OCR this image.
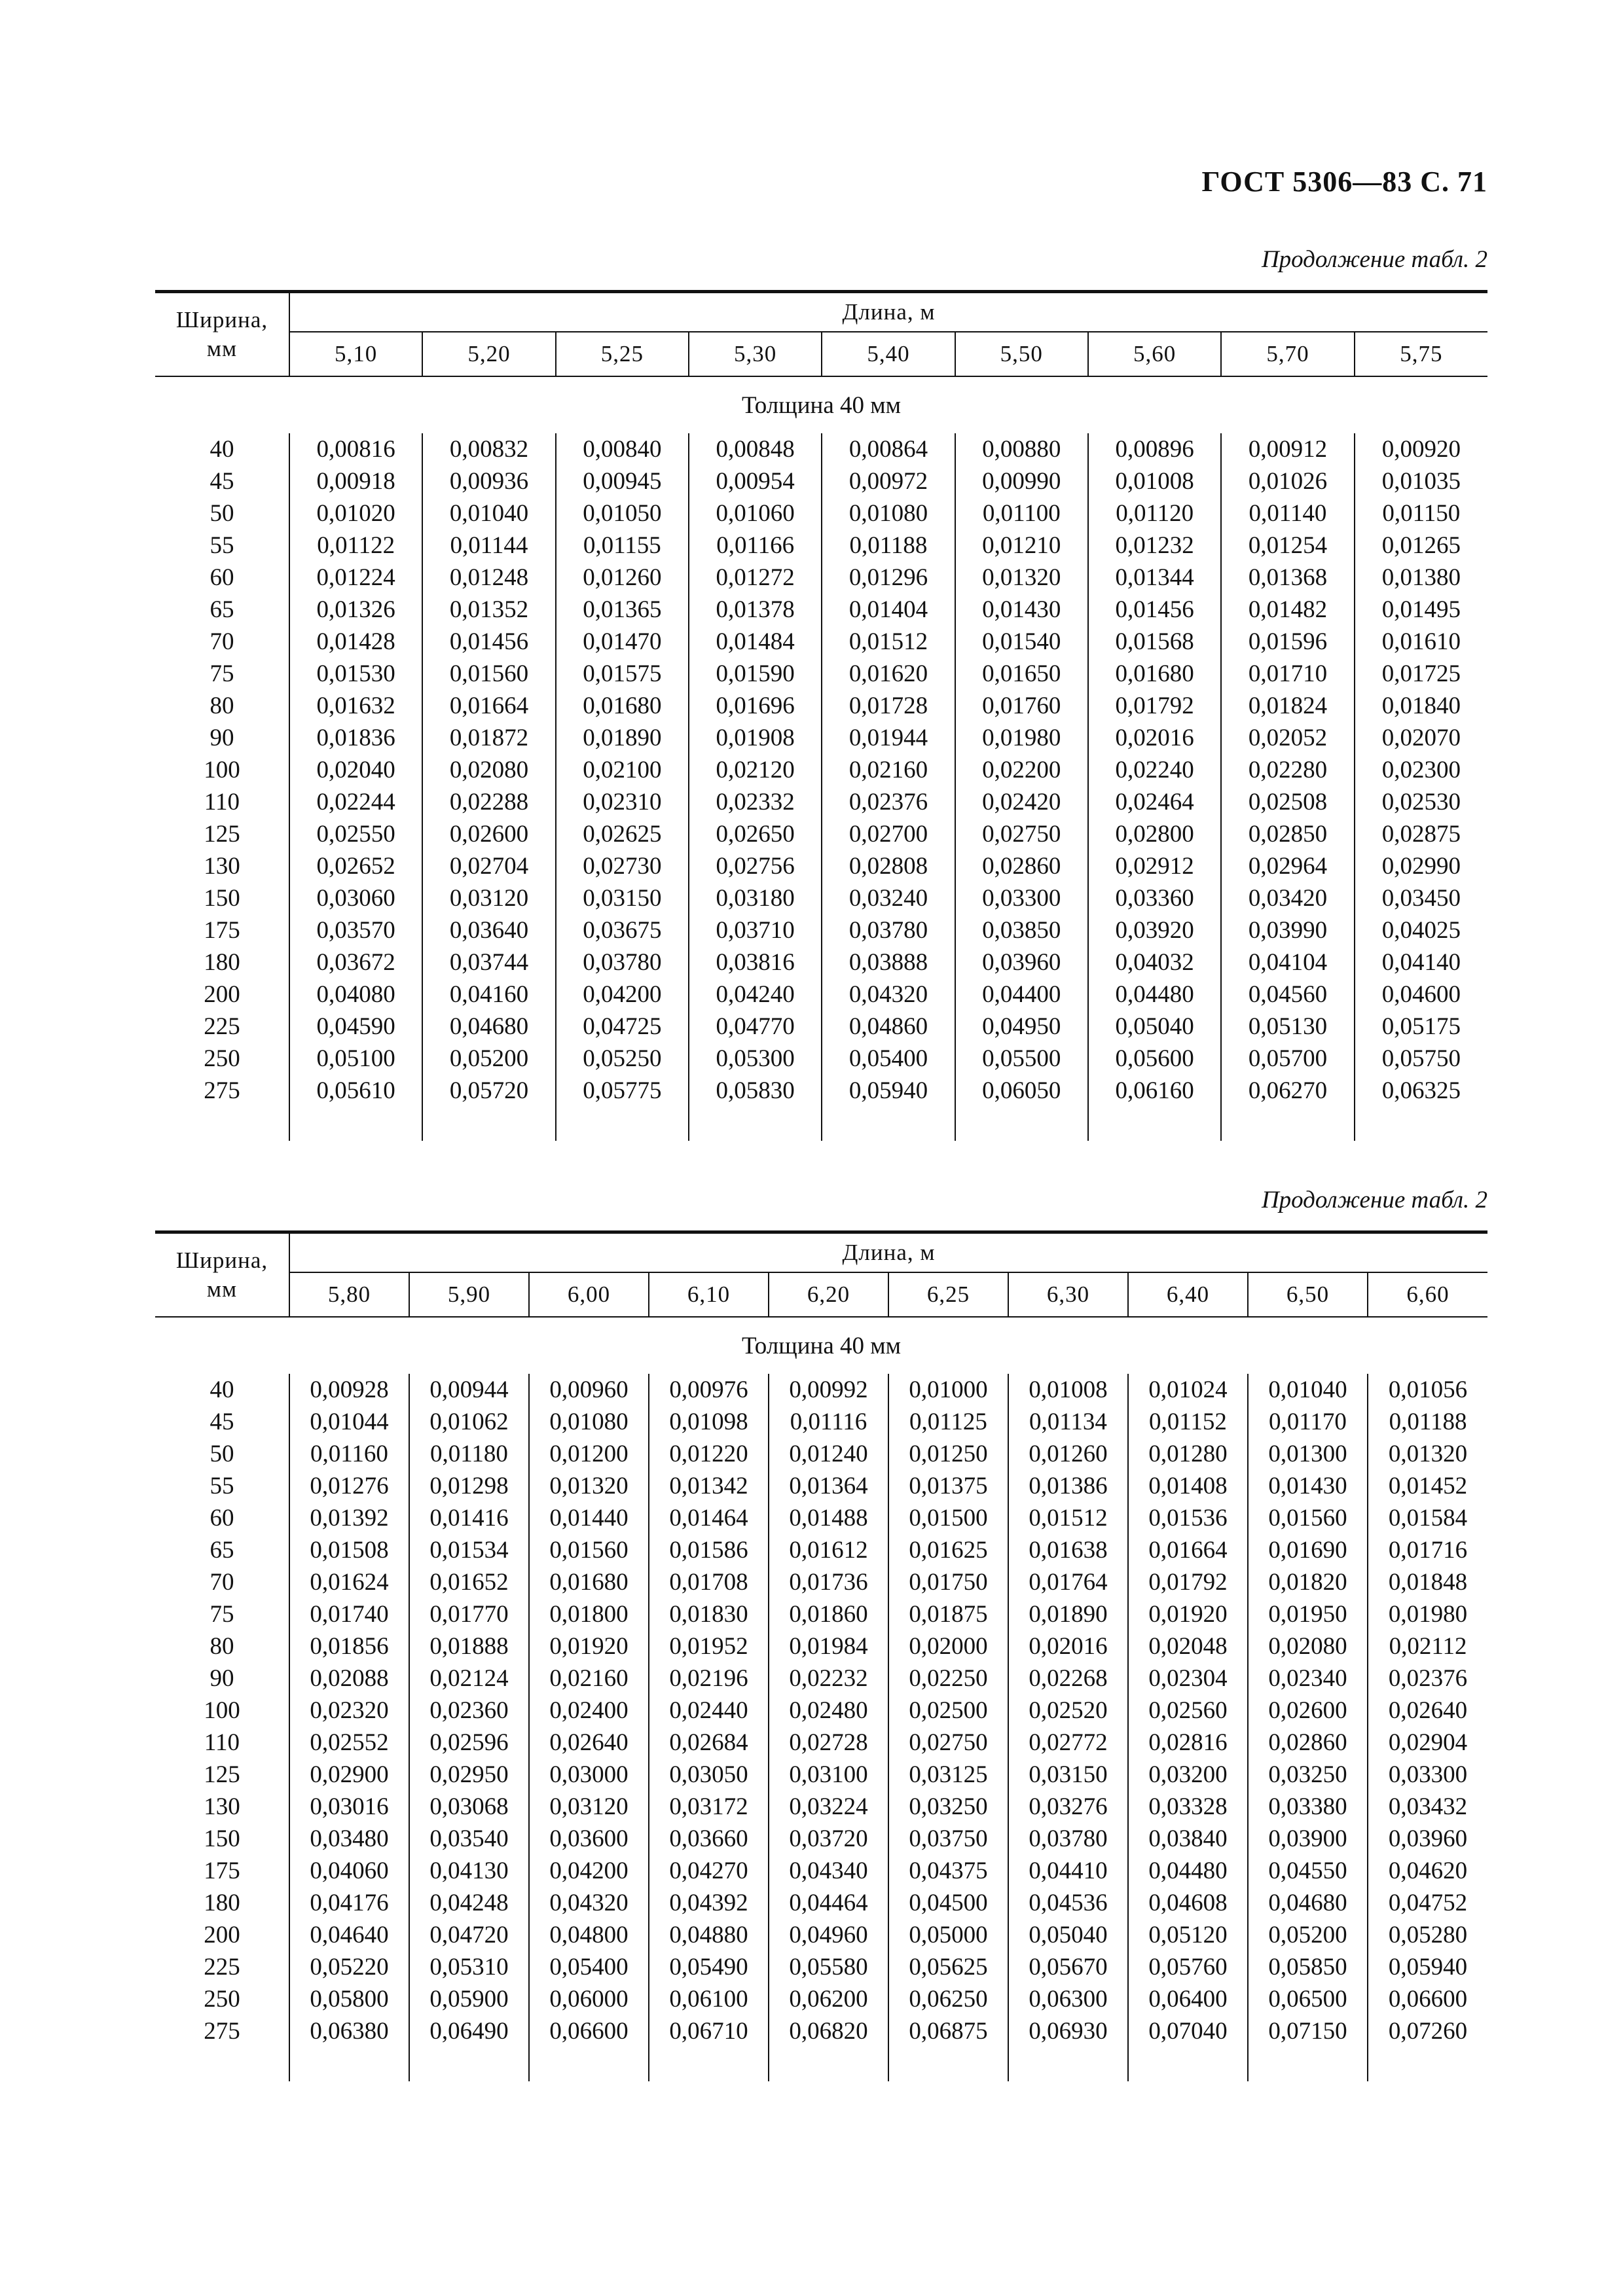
ГОСТ 5306—83 С. 71
Продолжение табл. 2
Ширина,
мм	Длина, м								
	5,10	5,20	5,25	5,30	5,40	5,50	5,60	5,70	5,75
Толщина 40 мм									
40	0,00816	0,00832	0,00840	0,00848	0,00864	0,00880	0,00896	0,00912	0,00920
45	0,00918	0,00936	0,00945	0,00954	0,00972	0,00990	0,01008	0,01026	0,01035
50	0,01020	0,01040	0,01050	0,01060	0,01080	0,01100	0,01120	0,01140	0,01150
55	0,01122	0,01144	0,01155	0,01166	0,01188	0,01210	0,01232	0,01254	0,01265
60	0,01224	0,01248	0,01260	0,01272	0,01296	0,01320	0,01344	0,01368	0,01380
65	0,01326	0,01352	0,01365	0,01378	0,01404	0,01430	0,01456	0,01482	0,01495
70	0,01428	0,01456	0,01470	0,01484	0,01512	0,01540	0,01568	0,01596	0,01610
75	0,01530	0,01560	0,01575	0,01590	0,01620	0,01650	0,01680	0,01710	0,01725
80	0,01632	0,01664	0,01680	0,01696	0,01728	0,01760	0,01792	0,01824	0,01840
90	0,01836	0,01872	0,01890	0,01908	0,01944	0,01980	0,02016	0,02052	0,02070
100	0,02040	0,02080	0,02100	0,02120	0,02160	0,02200	0,02240	0,02280	0,02300
110	0,02244	0,02288	0,02310	0,02332	0,02376	0,02420	0,02464	0,02508	0,02530
125	0,02550	0,02600	0,02625	0,02650	0,02700	0,02750	0,02800	0,02850	0,02875
130	0,02652	0,02704	0,02730	0,02756	0,02808	0,02860	0,02912	0,02964	0,02990
150	0,03060	0,03120	0,03150	0,03180	0,03240	0,03300	0,03360	0,03420	0,03450
175	0,03570	0,03640	0,03675	0,03710	0,03780	0,03850	0,03920	0,03990	0,04025
180	0,03672	0,03744	0,03780	0,03816	0,03888	0,03960	0,04032	0,04104	0,04140
200	0,04080	0,04160	0,04200	0,04240	0,04320	0,04400	0,04480	0,04560	0,04600
225	0,04590	0,04680	0,04725	0,04770	0,04860	0,04950	0,05040	0,05130	0,05175
250	0,05100	0,05200	0,05250	0,05300	0,05400	0,05500	0,05600	0,05700	0,05750
275	0,05610	0,05720	0,05775	0,05830	0,05940	0,06050	0,06160	0,06270	0,06325

Продолжение табл. 2
Ширина,
мм	Длина, м									
	5,80	5,90	6,00	6,10	6,20	6,25	6,30	6,40	6,50	6,60
Толщина 40 мм										
40	0,00928	0,00944	0,00960	0,00976	0,00992	0,01000	0,01008	0,01024	0,01040	0,01056
45	0,01044	0,01062	0,01080	0,01098	0,01116	0,01125	0,01134	0,01152	0,01170	0,01188
50	0,01160	0,01180	0,01200	0,01220	0,01240	0,01250	0,01260	0,01280	0,01300	0,01320
55	0,01276	0,01298	0,01320	0,01342	0,01364	0,01375	0,01386	0,01408	0,01430	0,01452
60	0,01392	0,01416	0,01440	0,01464	0,01488	0,01500	0,01512	0,01536	0,01560	0,01584
65	0,01508	0,01534	0,01560	0,01586	0,01612	0,01625	0,01638	0,01664	0,01690	0,01716
70	0,01624	0,01652	0,01680	0,01708	0,01736	0,01750	0,01764	0,01792	0,01820	0,01848
75	0,01740	0,01770	0,01800	0,01830	0,01860	0,01875	0,01890	0,01920	0,01950	0,01980
80	0,01856	0,01888	0,01920	0,01952	0,01984	0,02000	0,02016	0,02048	0,02080	0,02112
90	0,02088	0,02124	0,02160	0,02196	0,02232	0,02250	0,02268	0,02304	0,02340	0,02376
100	0,02320	0,02360	0,02400	0,02440	0,02480	0,02500	0,02520	0,02560	0,02600	0,02640
110	0,02552	0,02596	0,02640	0,02684	0,02728	0,02750	0,02772	0,02816	0,02860	0,02904
125	0,02900	0,02950	0,03000	0,03050	0,03100	0,03125	0,03150	0,03200	0,03250	0,03300
130	0,03016	0,03068	0,03120	0,03172	0,03224	0,03250	0,03276	0,03328	0,03380	0,03432
150	0,03480	0,03540	0,03600	0,03660	0,03720	0,03750	0,03780	0,03840	0,03900	0,03960
175	0,04060	0,04130	0,04200	0,04270	0,04340	0,04375	0,04410	0,04480	0,04550	0,04620
180	0,04176	0,04248	0,04320	0,04392	0,04464	0,04500	0,04536	0,04608	0,04680	0,04752
200	0,04640	0,04720	0,04800	0,04880	0,04960	0,05000	0,05040	0,05120	0,05200	0,05280
225	0,05220	0,05310	0,05400	0,05490	0,05580	0,05625	0,05670	0,05760	0,05850	0,05940
250	0,05800	0,05900	0,06000	0,06100	0,06200	0,06250	0,06300	0,06400	0,06500	0,06600
275	0,06380	0,06490	0,06600	0,06710	0,06820	0,06875	0,06930	0,07040	0,07150	0,07260
